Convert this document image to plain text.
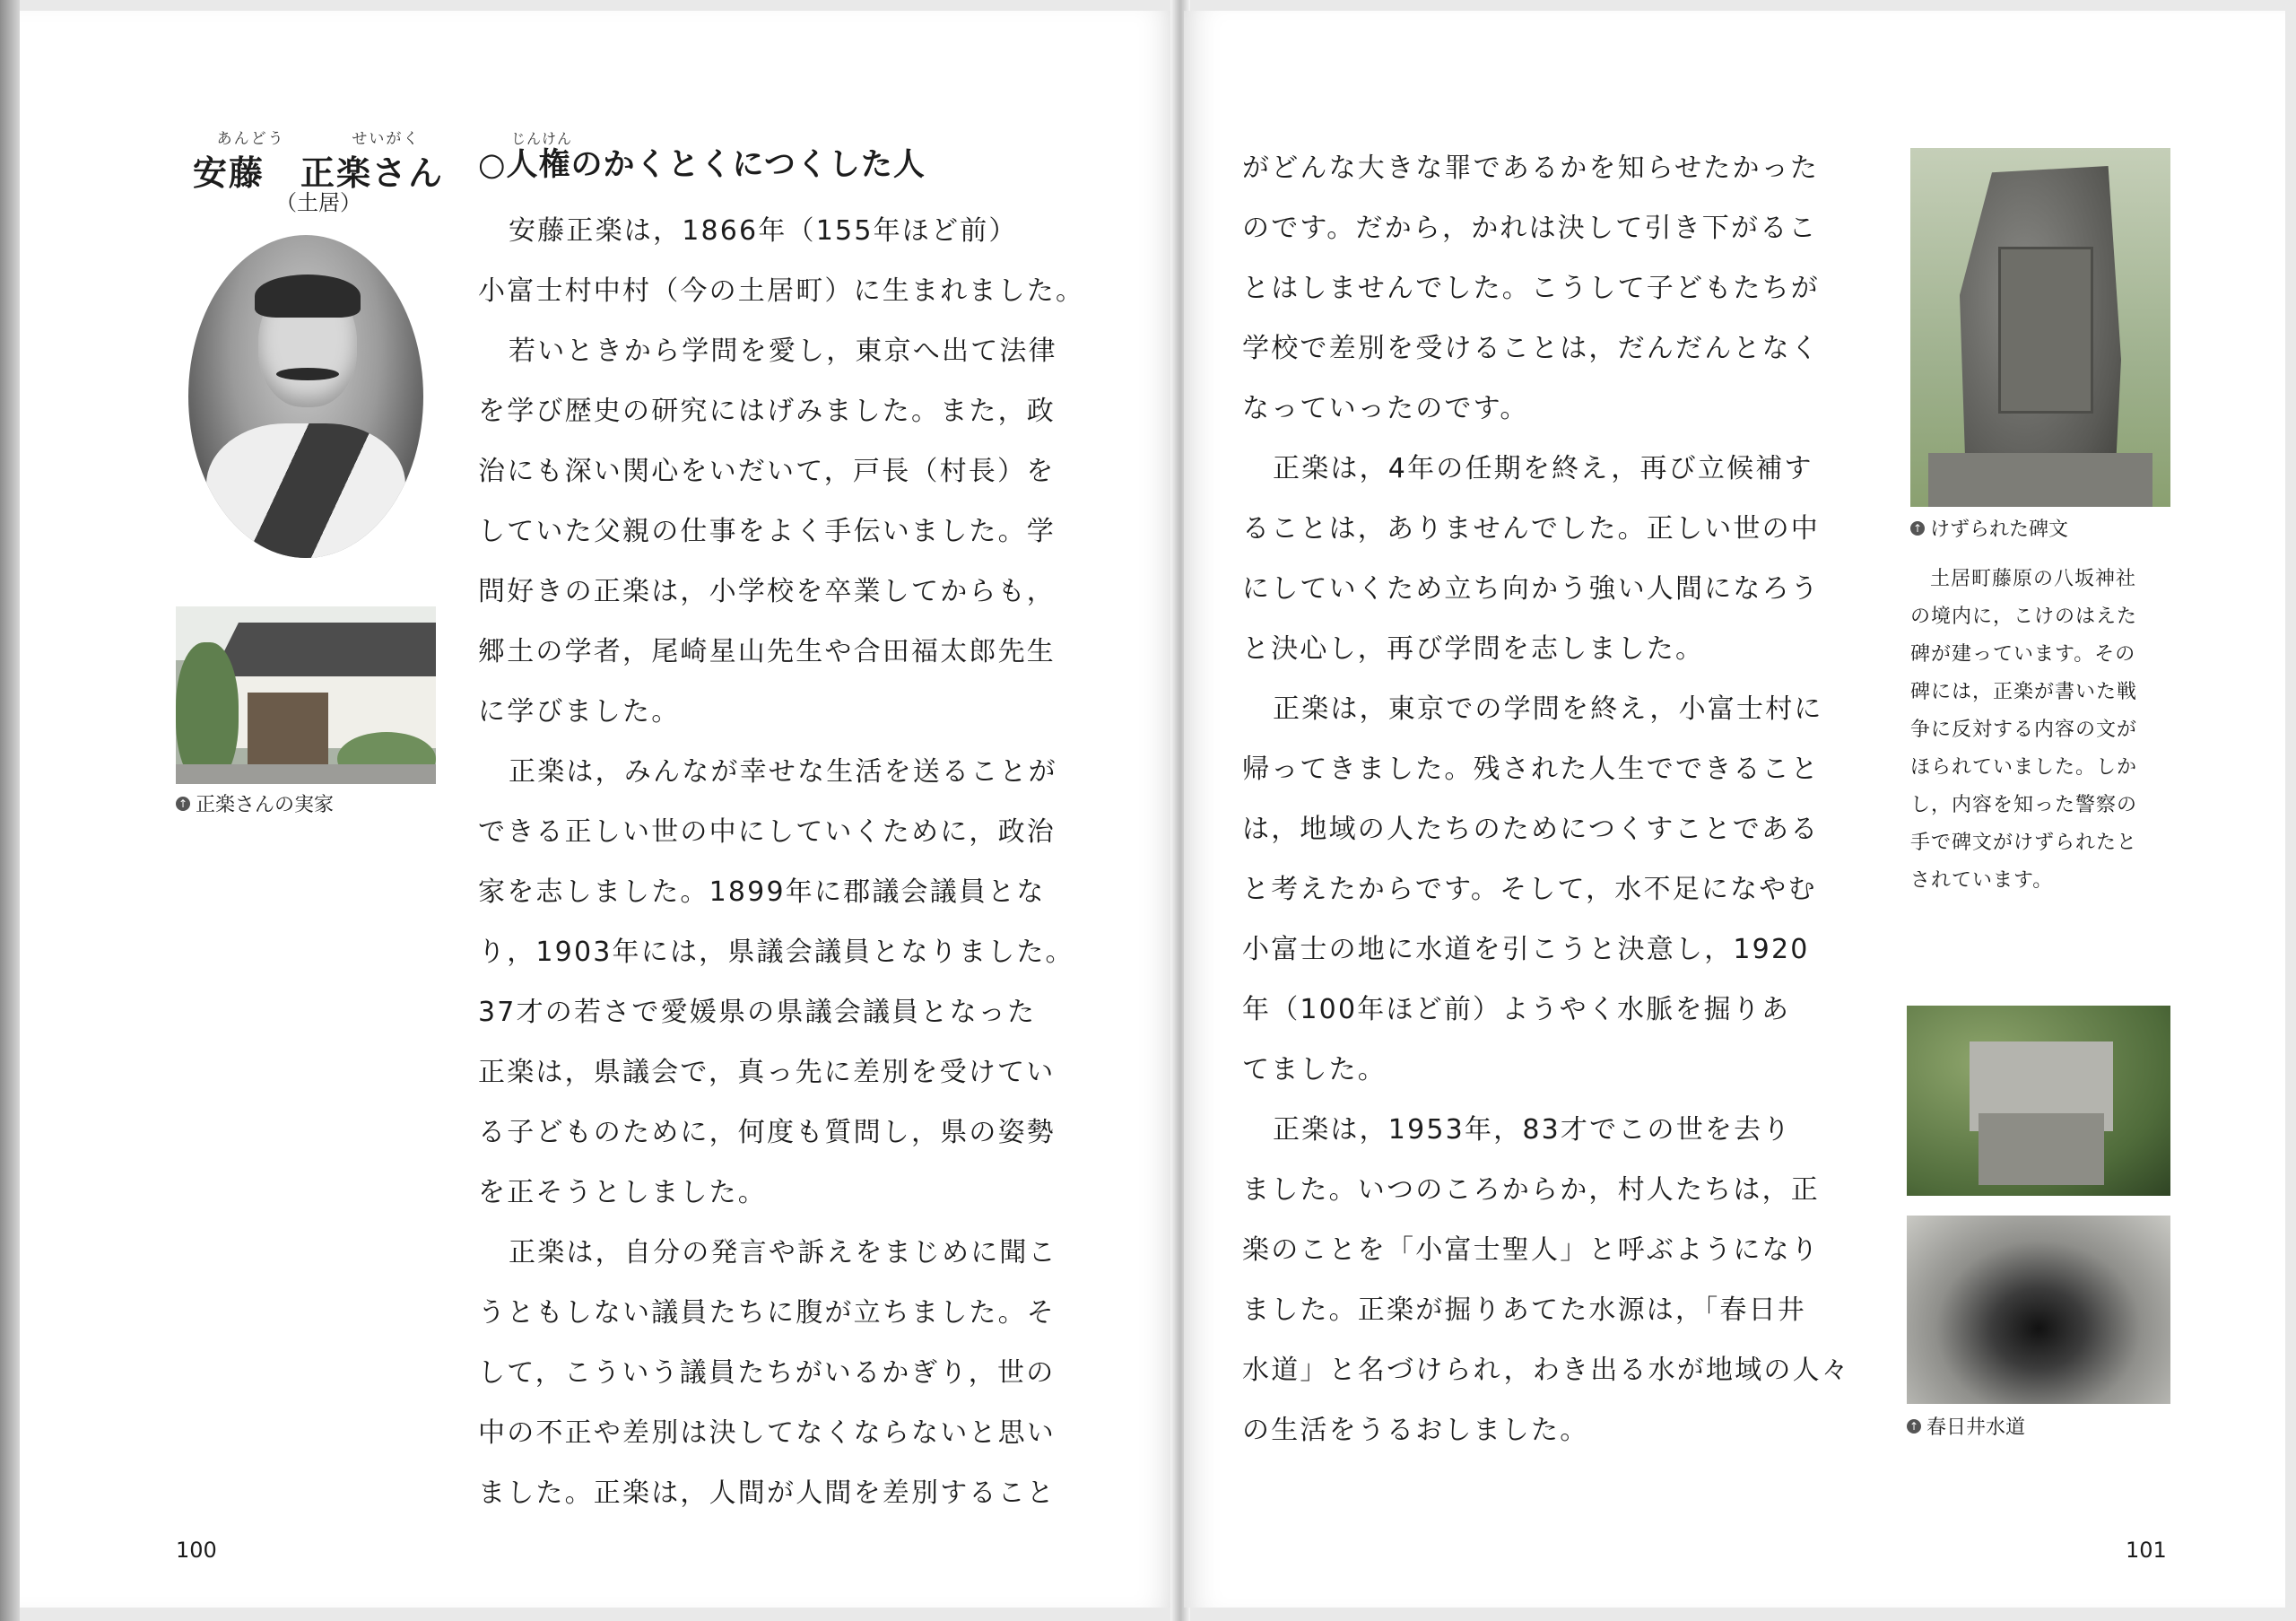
あんどう	せいがく
安藤　正楽さん
（土居）
↑ 正楽さんの実家
じんけん
○人権のかくとくにつくした人
安藤正楽は，1866年（155年ほど前）
小富士村中村（今の土居町）に生まれました。
若いときから学問を愛し，東京へ出て法律
を学び歴史の研究にはげみました。また，政
治にも深い関心をいだいて，戸長（村長）を
していた父親の仕事をよく手伝いました。学
問好きの正楽は，小学校を卒業してからも，
郷土の学者，尾崎星山先生や合田福太郎先生
に学びました。
正楽は，みんなが幸せな生活を送ることが
できる正しい世の中にしていくために，政治
家を志しました。1899年に郡議会議員とな
り，1903年には，県議会議員となりました。
37才の若さで愛媛県の県議会議員となった
正楽は，県議会で，真っ先に差別を受けてい
る子どものために，何度も質問し，県の姿勢
を正そうとしました。
正楽は，自分の発言や訴えをまじめに聞こ
うともしない議員たちに腹が立ちました。そ
して，こういう議員たちがいるかぎり，世の
中の不正や差別は決してなくならないと思い
ました。正楽は，人間が人間を差別すること
100
がどんな大きな罪であるかを知らせたかった
のです。だから，かれは決して引き下がるこ
とはしませんでした。こうして子どもたちが
学校で差別を受けることは，だんだんとなく
なっていったのです。
正楽は，4年の任期を終え，再び立候補す
ることは，ありませんでした。正しい世の中
にしていくため立ち向かう強い人間になろう
と決心し，再び学問を志しました。
正楽は，東京での学問を終え，小富士村に
帰ってきました。残された人生でできること
は，地域の人たちのためにつくすことである
と考えたからです。そして，水不足になやむ
小富士の地に水道を引こうと決意し，1920
年（100年ほど前）ようやく水脈を掘りあ
てました。
正楽は，1953年，83才でこの世を去り
ました。いつのころからか，村人たちは，正
楽のことを「小富士聖人」と呼ぶようになり
ました。正楽が掘りあてた水源は，「春日井
水道」と名づけられ，わき出る水が地域の人々
の生活をうるおしました。
↑ けずられた碑文
土居町藤原の八坂神社
の境内に，こけのはえた
碑が建っています。その
碑には，正楽が書いた戦
争に反対する内容の文が
ほられていました。しか
し，内容を知った警察の
手で碑文がけずられたと
されています。
↑ 春日井水道
101
